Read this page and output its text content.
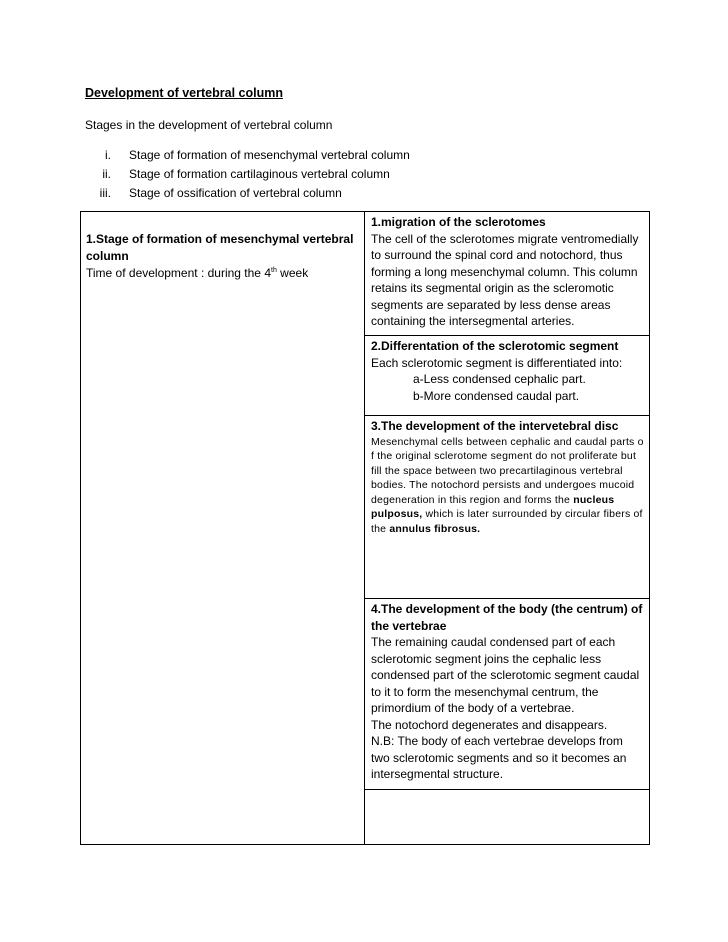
Development of vertebral column
Stages in the development of vertebral column
i. Stage of formation of mesenchymal vertebral column
ii. Stage of formation cartilaginous vertebral column
iii. Stage of ossification of vertebral column
1.Stage of formation of mesenchymal vertebral
column
Time of development : during the 4th week
1.migration of the sclerotomes
The cell of the sclerotomes migrate ventromedially to surround the spinal cord and notochord, thus forming a long mesenchymal column. This column retains its segmental origin as the scleromotic segments are separated by less dense areas containing the intersegmental arteries.
2.Differentation of the sclerotomic segment
Each sclerotomic segment is differentiated into:
a-Less condensed cephalic part.
b-More condensed caudal part.
3.The development of the intervetebral disc
Mesenchymal cells between cephalic and caudal parts o f the original sclerotome segment do not proliferate but fill the space between two precartilaginous vertebral bodies. The notochord persists and undergoes mucoid degeneration in this region and forms the nucleus pulposus, which is later surrounded by circular fibers of the annulus fibrosus.
4.The development of the body (the centrum) of the vertebrae
The remaining caudal condensed part of each sclerotomic segment joins the cephalic less condensed part of the sclerotomic segment caudal to it to form the mesenchymal centrum, the primordium of the body of a vertebrae.
The notochord degenerates and disappears.
N.B: The body of each vertebrae develops from two sclerotomic segments and so it becomes an intersegmental structure.
